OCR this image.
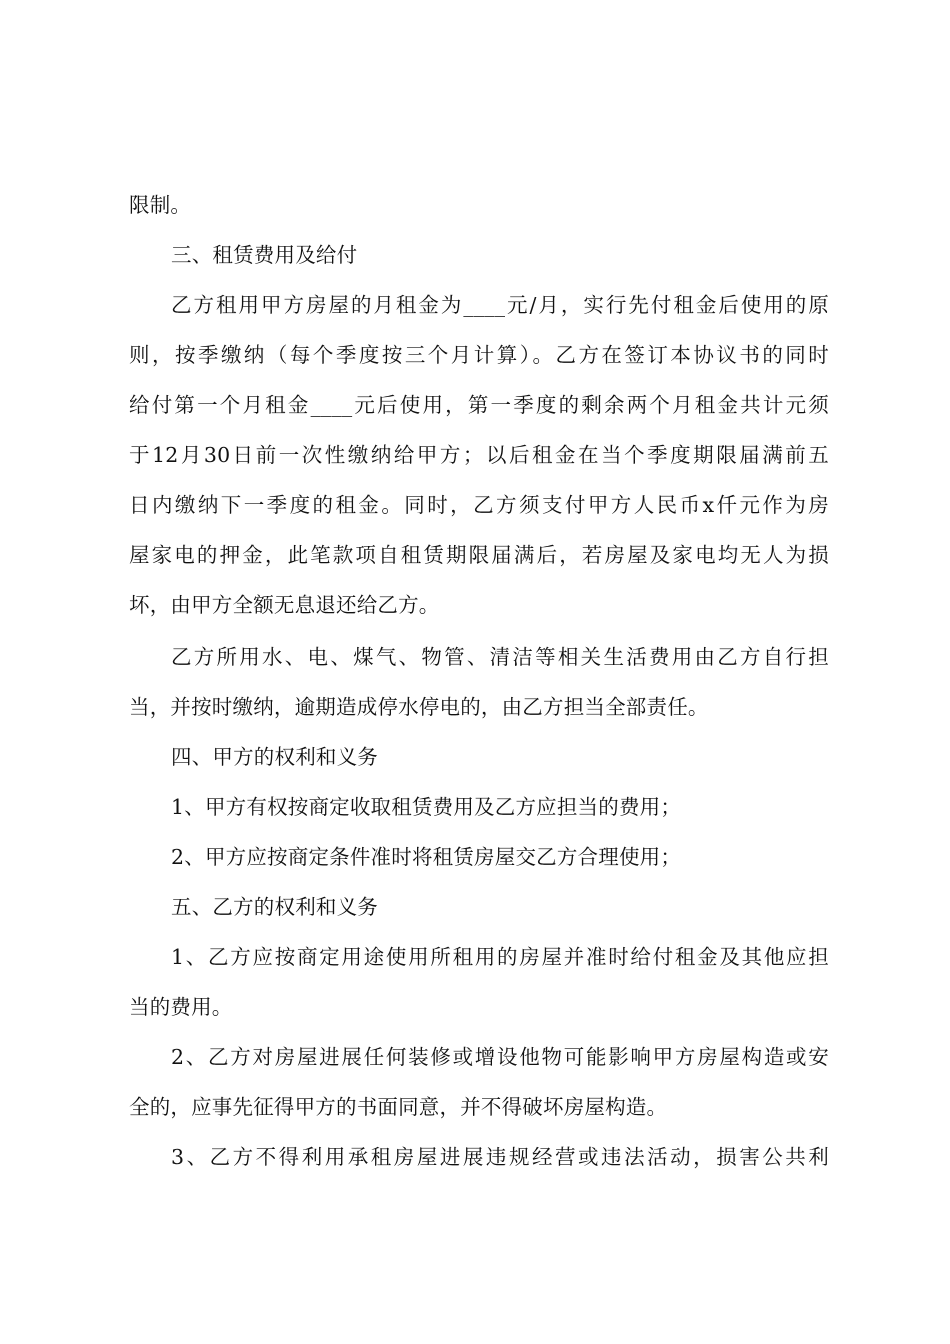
限制。
三、租赁费用及给付
乙方租用甲方房屋的月租金为____元/月，实行先付租金后使用的原
则，按季缴纳（每个季度按三个月计算）。乙方在签订本协议书的同时
给付第一个月租金____元后使用，第一季度的剩余两个月租金共计元须
于12月30日前一次性缴纳给甲方；以后租金在当个季度期限届满前五
日内缴纳下一季度的租金。同时，乙方须支付甲方人民币x仟元作为房
屋家电的押金，此笔款项自租赁期限届满后，若房屋及家电均无人为损
坏，由甲方全额无息退还给乙方。
乙方所用水、电、煤气、物管、清洁等相关生活费用由乙方自行担
当，并按时缴纳，逾期造成停水停电的，由乙方担当全部责任。
四、甲方的权利和义务
1、甲方有权按商定收取租赁费用及乙方应担当的费用；
2、甲方应按商定条件准时将租赁房屋交乙方合理使用；
五、乙方的权利和义务
1、乙方应按商定用途使用所租用的房屋并准时给付租金及其他应担
当的费用。
2、乙方对房屋进展任何装修或增设他物可能影响甲方房屋构造或安
全的，应事先征得甲方的书面同意，并不得破坏房屋构造。
3、乙方不得利用承租房屋进展违规经营或违法活动，损害公共利
